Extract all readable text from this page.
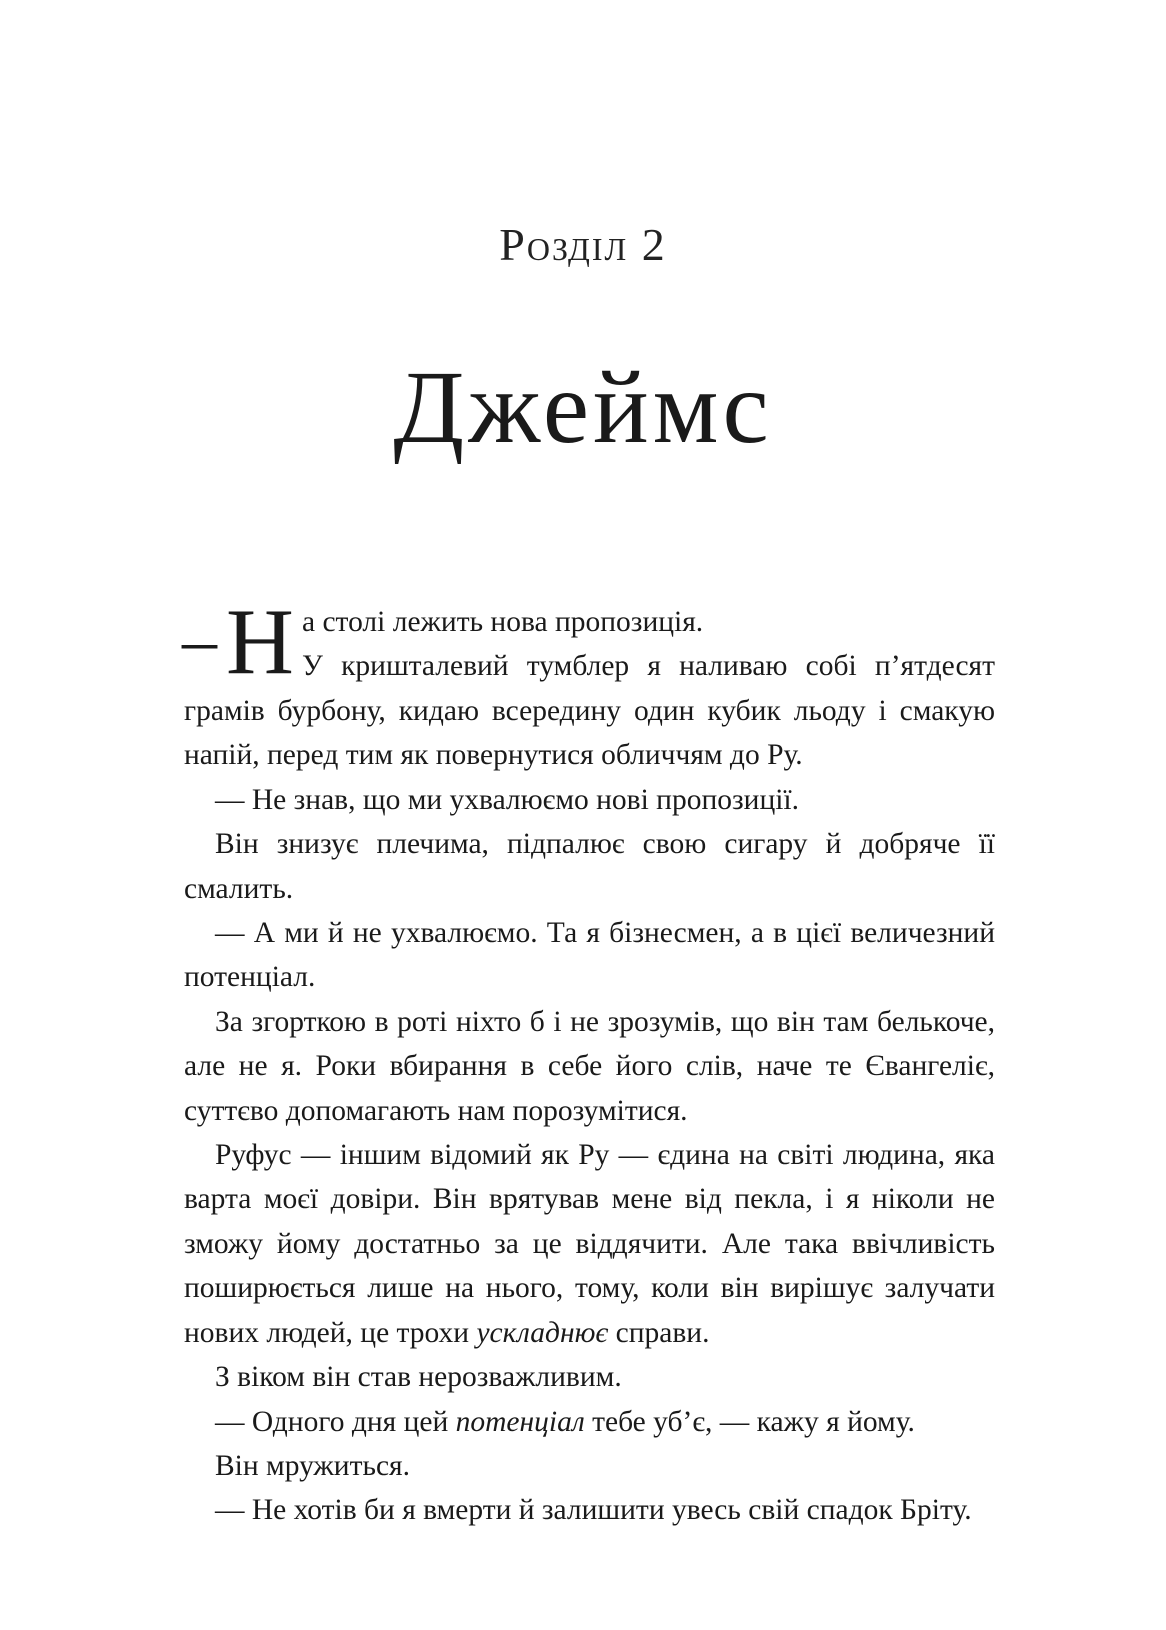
Розділ 2
Джеймс
– Н а столі лежить нова пропозиція.
У кришталевий тумблер я наливаю собі п’ятдесят

грамів бурбону, кидаю всередину один кубик льоду і смакую напій, перед тим як повернутися обличчям до Ру.

— Не знав, що ми ухвалюємо нові пропозиції.

Він знизує плечима, підпалює свою сигару й добряче її смалить.

— А ми й не ухвалюємо. Та я бізнесмен, а в цієї величезний потенціал.

За згорткою в роті ніхто б і не зрозумів, що він там белькоче, але не я. Роки вбирання в себе його слів, наче те Євангеліє, суттєво допомагають нам порозумітися.

Руфус — іншим відомий як Ру — єдина на світі людина, яка варта моєї довіри. Він врятував мене від пекла, і я ніколи не зможу йому достатньо за це віддячити. Але така ввічливість поширюється лише на нього, тому, коли він вирішує залучати нових людей, це трохи ускладнює справи.

З віком він став нерозважливим.

— Одного дня цей потенціал тебе уб’є, — кажу я йому.

Він мружиться.

— Не хотів би я вмерти й залишити увесь свій спадок Бріту.
